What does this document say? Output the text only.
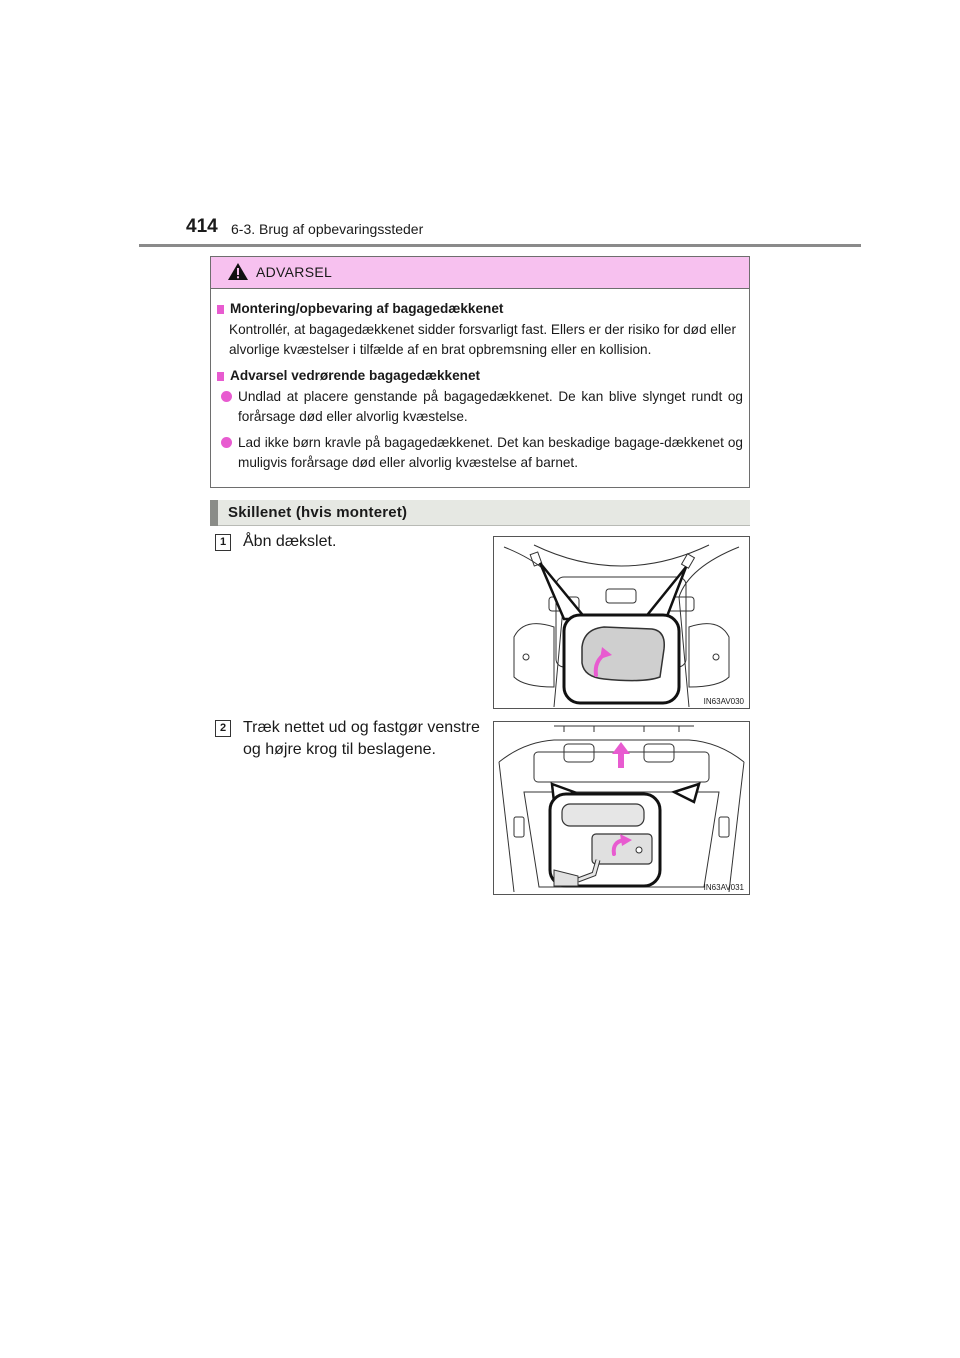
414 6-3. Brug af opbevaringssteder
ADVARSEL
Montering/opbevaring af bagagedækkenet
Kontrollér, at bagagedækkenet sidder forsvarligt fast. Ellers er der risiko for død eller alvorlige kvæstelser i tilfælde af en brat opbremsning eller en kollision.
Advarsel vedrørende bagagedækkenet
Undlad at placere genstande på bagagedækkenet. De kan blive slynget rundt og forårsage død eller alvorlig kvæstelse.
Lad ikke børn kravle på bagagedækkenet. Det kan beskadige bagage-dækkenet og muligvis forårsage død eller alvorlig kvæstelse af barnet.
Skillenet (hvis monteret)
1	Åbn dækslet.
IN63AV030
2	Træk nettet ud og fastgør venstre og højre krog til beslagene.
IN63AV031
